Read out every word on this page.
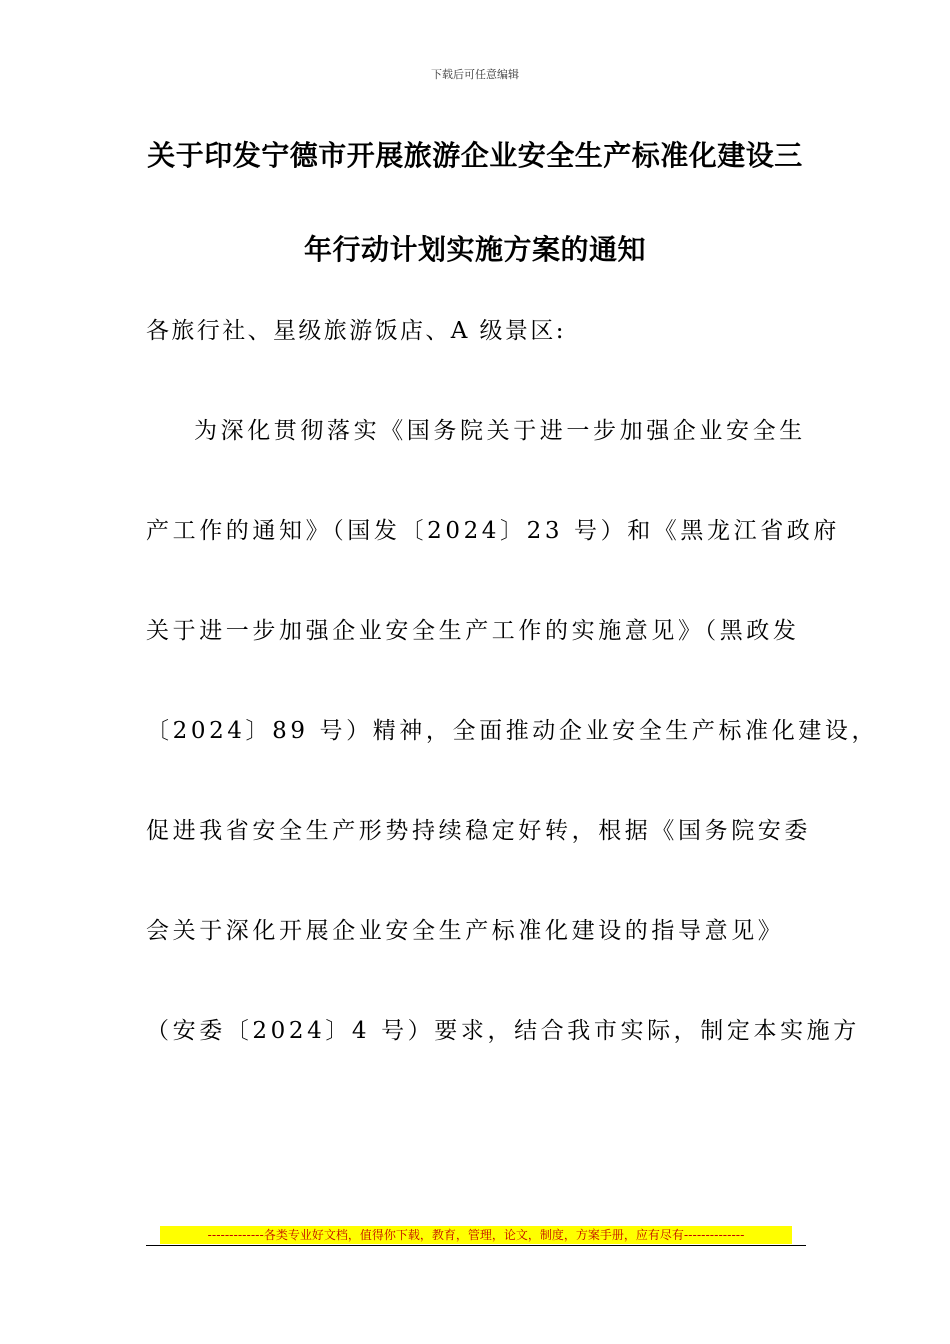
下载后可任意编辑
关于印发宁德市开展旅游企业安全生产标准化建设三
年行动计划实施方案的通知
各旅行社、星级旅游饭店、A 级景区:
为深化贯彻落实《国务院关于进一步加强企业安全生
产工作的通知》（国发〔2024〕23 号）和《黑龙江省政府
关于进一步加强企业安全生产工作的实施意见》（黑政发
〔2024〕89 号）精神，全面推动企业安全生产标准化建设，
促进我省安全生产形势持续稳定好转，根据《国务院安委
会关于深化开展企业安全生产标准化建设的指导意见》
（安委〔2024〕4 号）要求，结合我市实际，制定本实施方
-------------各类专业好文档，值得你下载，教育，管理，论文，制度，方案手册，应有尽有--------------
